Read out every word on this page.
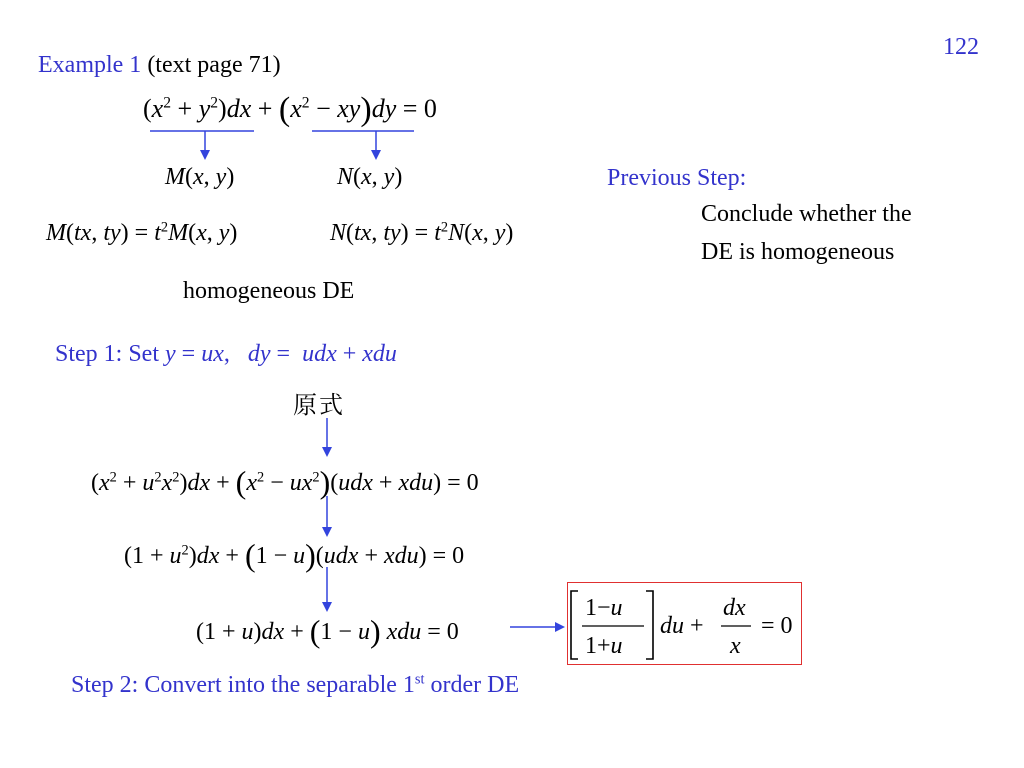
122
Example 1 (text page 71)
$(x^2 + y^2)dx + (x^2 - xy)dy = 0$
M(x, y)	N(x, y)
M(tx, $ty) = t^2M(x$, y)	N(tx, $ty) = t^2N(x$, y)
homogeneous DE
Previous Step:
Conclude whether the
DE is homogeneous
Step 1: Set y = ux, dy =  udx + xdu
原式
$(x^2 + u^2x^2)dx + (x^2 - ux^2)(udx + xdu) = 0$
$(1 + u^2)dx + (1 - u)(udx + xdu) = 0$
(1 + u)dx + (1 − u) xdu = 0
1−u
1+u
du +
dx
x
= 0
Step 2: Convert into the separable 1st order DE
